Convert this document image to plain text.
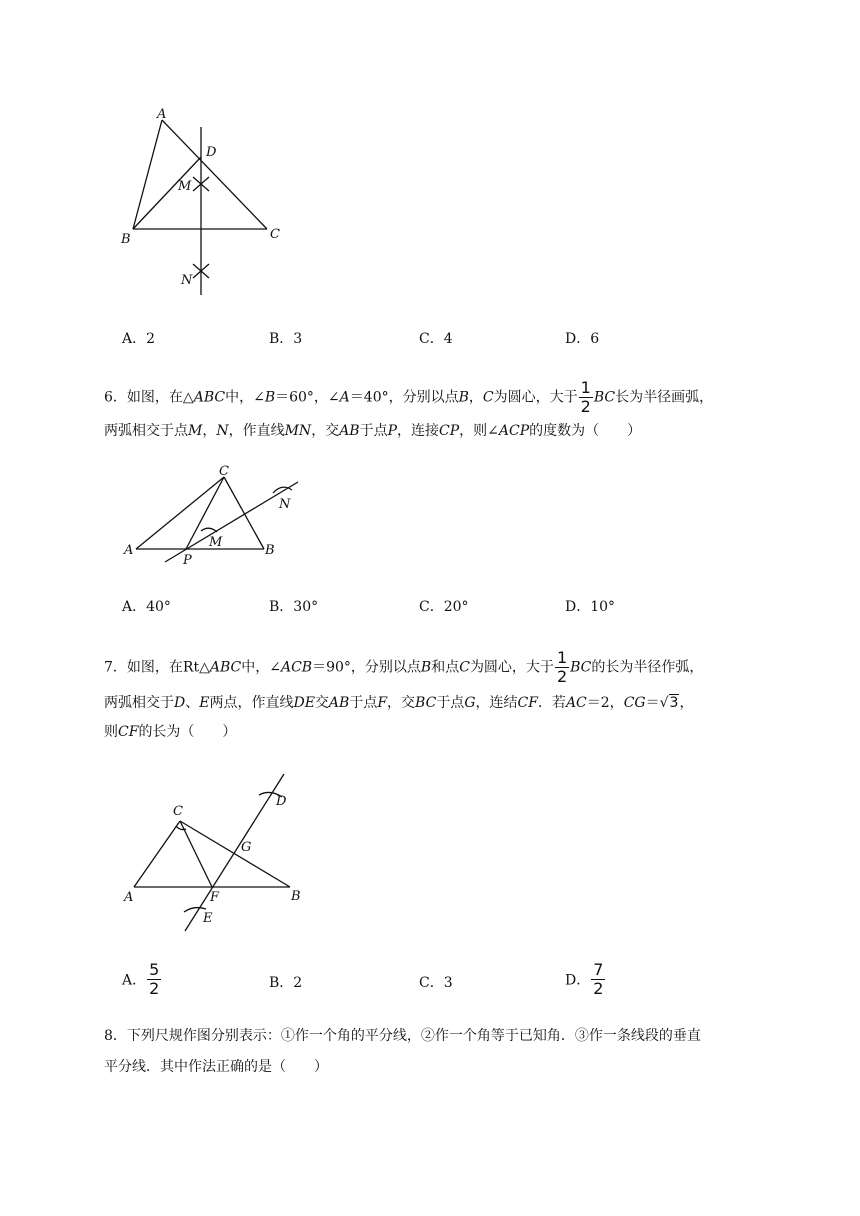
A
B	C
D
M
N
A．2	B．3	C．4	D．6
6．如图，在△ABC中，∠B＝60°，∠A＝40°，分别以点B，C为圆心，大于 $\frac{1}{2}$ BC长为半径画弧，
两弧相交于点M，N，作直线MN，交AB于点P，连接CP，则∠ACP的度数为（　　）
C
A	B
P
M
N
A．40°	B．30°	C．20°	D．10°
7．如图，在Rt△ABC中，∠ACB＝90°，分别以点B和点C为圆心，大于 $\frac{1}{2}$ BC的长为半径作弧，
两弧相交于D、E两点，作直线DE交AB于点F，交BC于点G，连结CF．若AC＝2，CG＝√3，
则CF的长为（　　）
C
A	B
F
G
D
E
A． $\frac{5}{2}$	B．2	C．3	D． $\frac{7}{2}$
8．下列尺规作图分别表示：①作一个角的平分线，②作一个角等于已知角．③作一条线段的垂直
平分线．其中作法正确的是（　　）
